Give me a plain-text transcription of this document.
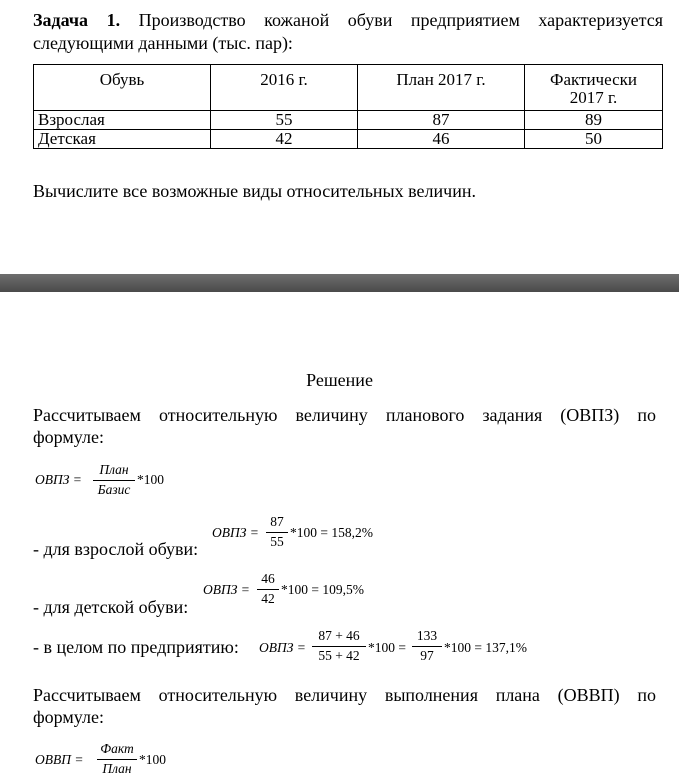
Задача 1. Производство кожаной обуви предприятием характеризуется
следующими данными (тыс. пар):
Обувь	2016 г.	План 2017 г.	Фактически 2017 г.
Взрослая	55	87	89
Детская	42	46	50
Вычислите все возможные виды относительных величин.
Решение
Рассчитываем относительную величину планового задания (ОВПЗ) по
формуле:
ОВПЗ =
План
Базис
*100
- для взрослой обуви:
ОВПЗ =
87
55
*100 = 158,2%
- для детской обуви:
ОВПЗ =
46
42
*100 = 109,5%
- в целом по предприятию: ОВПЗ =
87 + 46
55 + 42
*100 =
133
97
*100 = 137,1%
Рассчитываем относительную величину выполнения плана (ОВВП) по
формуле:
ОВВП =
Факт
План
*100
